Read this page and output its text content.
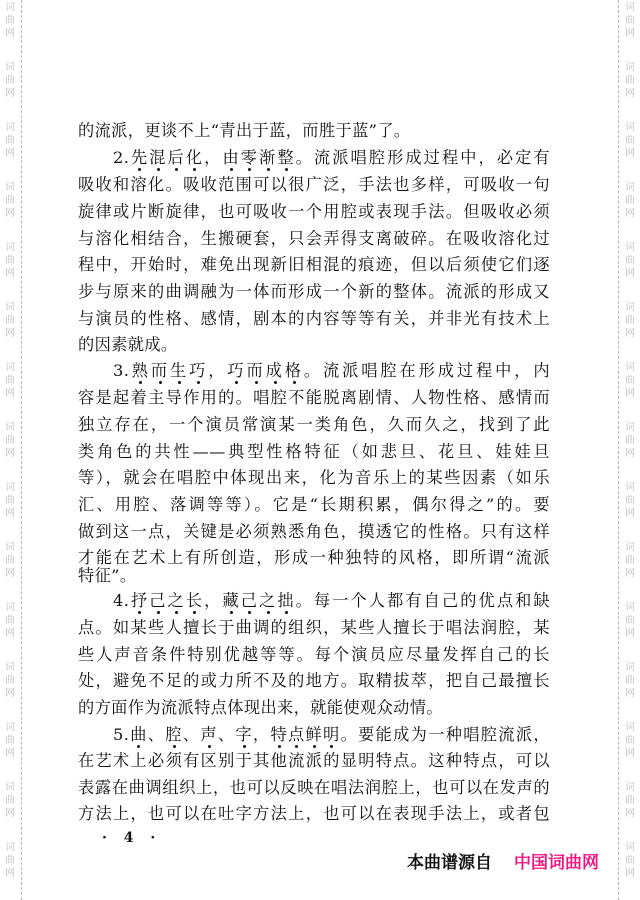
词
曲
网
词
曲
网
词
曲
网
词
曲
网
词
曲
网
词
曲
网
词
曲
网
词
曲
网
词
曲
网
词
曲
网
词
曲
网
词
曲
网
词
曲
网
词
曲
网
词
曲
网
词
曲
网
词
曲
网
词
曲
网
词
曲
网
词
曲
网
词
曲
网
词
曲
网
词
曲
网
词
曲
网
词
曲
网
词
曲
网
词
曲
网
词
曲
网
词
曲
网
词
曲
网
的流派，更谈不上“青出于蓝，而胜于蓝”了。
2.先混后化，由零渐整。流派唱腔形成过程中，必定有
吸收和溶化。吸收范围可以很广泛，手法也多样，可吸收一句
旋律或片断旋律，也可吸收一个用腔或表现手法。但吸收必须
与溶化相结合，生搬硬套，只会弄得支离破碎。在吸收溶化过
程中，开始时，难免出现新旧相混的痕迹，但以后须使它们逐
步与原来的曲调融为一体而形成一个新的整体。流派的形成又
与演员的性格、感情，剧本的内容等等有关，并非光有技术上
的因素就成。
3.熟而生巧，巧而成格。流派唱腔在形成过程中，内
容是起着主导作用的。唱腔不能脱离剧情、人物性格、感情而
独立存在，一个演员常演某一类角色，久而久之，找到了此
类角色的共性——典型性格特征（如悲旦、花旦、娃娃旦
等），就会在唱腔中体现出来，化为音乐上的某些因素（如乐
汇、用腔、落调等等）。它是“长期积累，偶尔得之”的。要
做到这一点，关键是必须熟悉角色，摸透它的性格。只有这样
才能在艺术上有所创造，形成一种独特的风格，即所谓“流派
特征”。
4.抒己之长，藏己之拙。每一个人都有自己的优点和缺
点。如某些人擅长于曲调的组织，某些人擅长于唱法润腔，某
些人声音条件特别优越等等。每个演员应尽量发挥自己的长
处，避免不足的或力所不及的地方。取精拔萃，把自己最擅长
的方面作为流派特点体现出来，就能使观众动情。
5.曲、腔、声、字，特点鲜明。要能成为一种唱腔流派，
在艺术上必须有区别于其他流派的显明特点。这种特点，可以
表露在曲调组织上，也可以反映在唱法润腔上，也可以在发声的
方法上，也可以在吐字方法上，也可以在表现手法上，或者包
· 4 ·
本曲谱源自 中国词曲网
